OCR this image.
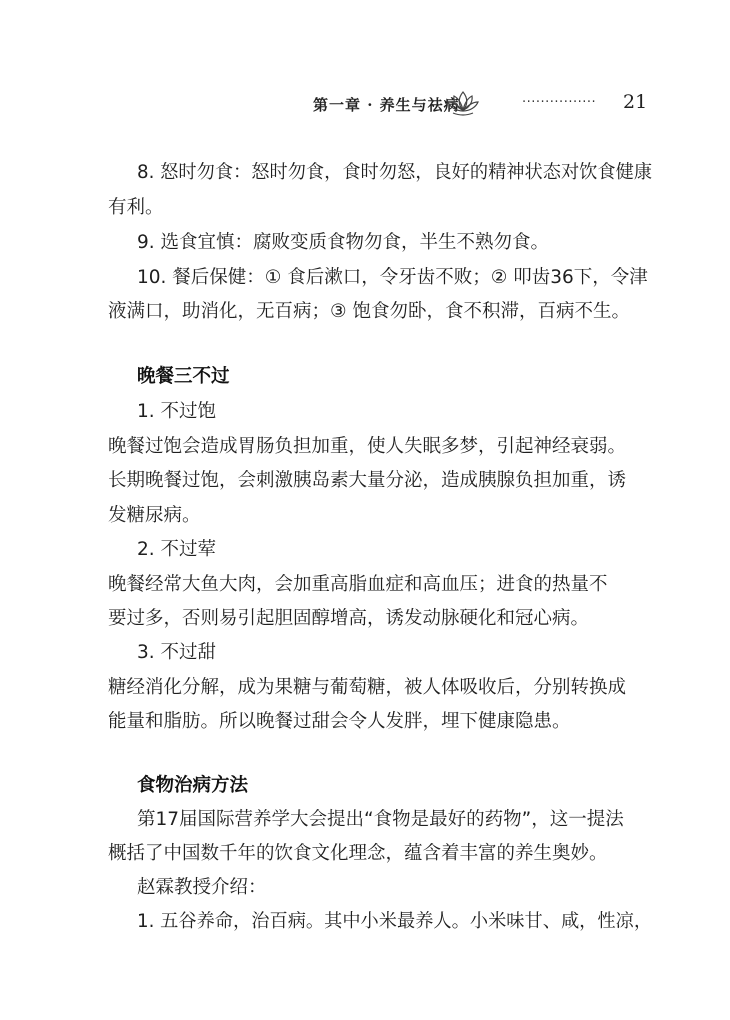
第一章 · 养生与祛病	················ 21
8. 怒时勿食：怒时勿食，食时勿怒，良好的精神状态对饮食健康
有利。
9. 选食宜慎：腐败变质食物勿食，半生不熟勿食。
10. 餐后保健：① 食后漱口，令牙齿不败；② 叩齿36下，令津
液满口，助消化，无百病；③ 饱食勿卧，食不积滞，百病不生。
晚餐三不过
1. 不过饱
晚餐过饱会造成胃肠负担加重，使人失眠多梦，引起神经衰弱。
长期晚餐过饱，会刺激胰岛素大量分泌，造成胰腺负担加重，诱
发糖尿病。
2. 不过荤
晚餐经常大鱼大肉，会加重高脂血症和高血压；进食的热量不
要过多，否则易引起胆固醇增高，诱发动脉硬化和冠心病。
3. 不过甜
糖经消化分解，成为果糖与葡萄糖，被人体吸收后，分别转换成
能量和脂肪。所以晚餐过甜会令人发胖，埋下健康隐患。
食物治病方法
第17届国际营养学大会提出“食物是最好的药物”，这一提法
概括了中国数千年的饮食文化理念，蕴含着丰富的养生奥妙。
赵霖教授介绍：
1. 五谷养命，治百病。其中小米最养人。小米味甘、咸，性凉，
